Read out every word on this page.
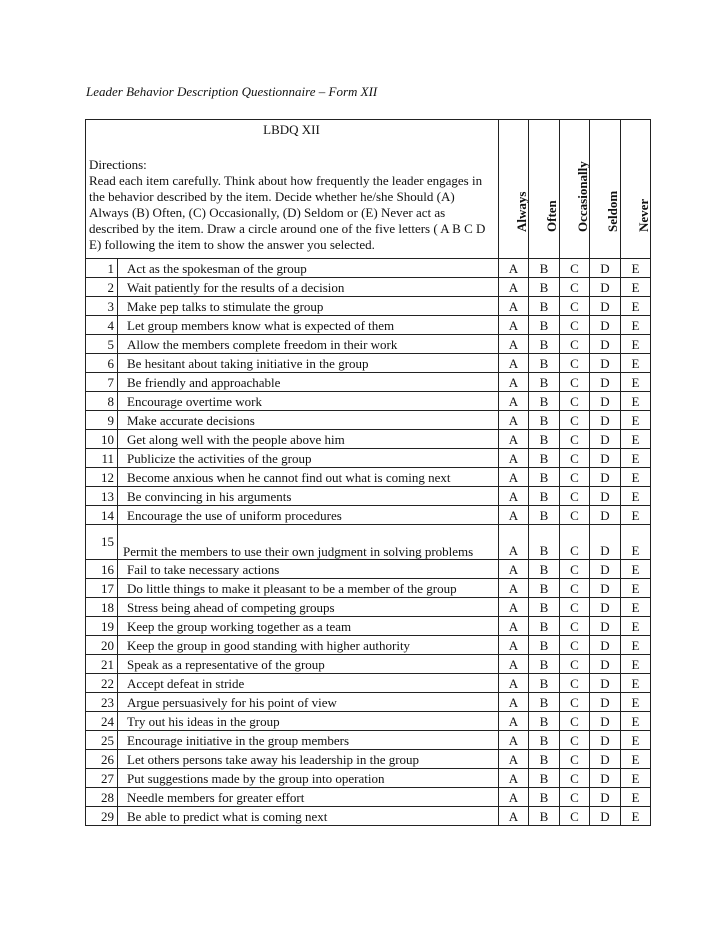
Leader Behavior Description Questionnaire – Form XII
LBDQ XII
Directions:
Read each item carefully. Think about how frequently the leader engages in the behavior described by the item. Decide whether he/she Should (A) Always (B) Often, (C) Occasionally, (D) Seldom or (E) Never act as described by the item. Draw a circle around one of the five letters ( A B C D E) following the item to show the answer you selected.		Always	Often	Occasionally	Seldom	Never

1	Act as the spokesman of the group	A	B	C	D	E
2	Wait patiently for the results of a decision	A	B	C	D	E
3	Make pep talks to stimulate the group	A	B	C	D	E
4	Let group members know what is expected of them	A	B	C	D	E
5	Allow the members complete freedom in their work	A	B	C	D	E
6	Be hesitant about taking initiative in the group	A	B	C	D	E
7	Be friendly and approachable	A	B	C	D	E
8	Encourage overtime work	A	B	C	D	E
9	Make accurate decisions	A	B	C	D	E
10	Get along well with the people above him	A	B	C	D	E
11	Publicize the activities of the group	A	B	C	D	E
12	Become anxious when he cannot find out what is coming next	A	B	C	D	E
13	Be convincing in his arguments	A	B	C	D	E
14	Encourage the use of uniform procedures	A	B	C	D	E
15	Permit the members to use their own judgment in solving problems	A	B	C	D	E
16	Fail to take necessary actions	A	B	C	D	E
17	Do little things to make it pleasant to be a member of the group	A	B	C	D	E
18	Stress being ahead of competing groups	A	B	C	D	E
19	Keep the group working together as a team	A	B	C	D	E
20	Keep the group in good standing with higher authority	A	B	C	D	E
21	Speak as a representative of the group	A	B	C	D	E
22	Accept defeat in stride	A	B	C	D	E
23	Argue persuasively for his point of view	A	B	C	D	E
24	Try out his ideas in the group	A	B	C	D	E
25	Encourage initiative in the group members	A	B	C	D	E
26	Let others persons take away his leadership in the group	A	B	C	D	E
27	Put suggestions made by the group into operation	A	B	C	D	E
28	Needle members for greater effort	A	B	C	D	E
29	Be able to predict what is coming next	A	B	C	D	E
